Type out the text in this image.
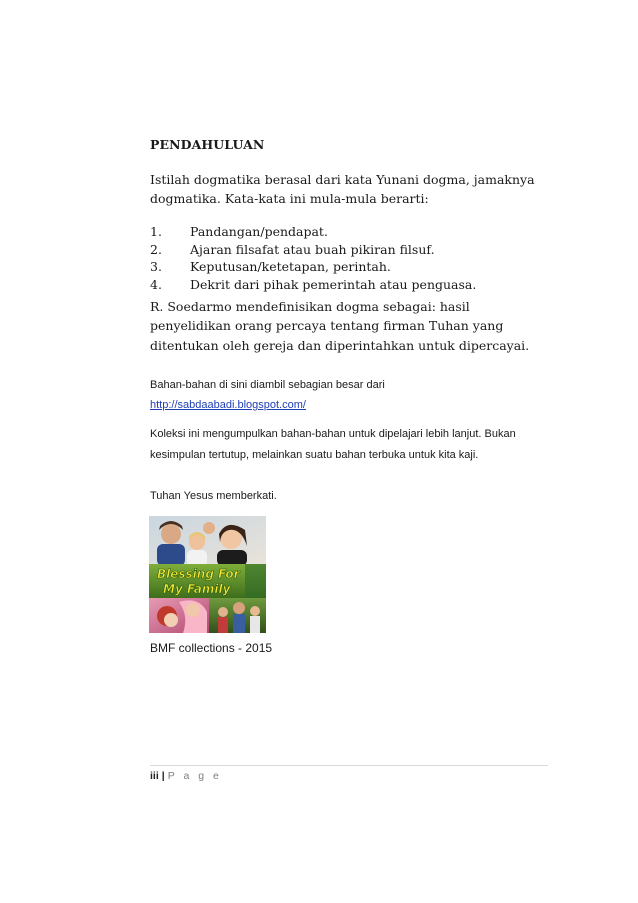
PENDAHULUAN

Istilah dogmatika berasal dari kata Yunani dogma, jamaknya dogmatika. Kata-kata ini mula-mula berarti:

1.	Pandangan/pendapat.
2.	Ajaran filsafat atau buah pikiran filsuf.
3.	Keputusan/ketetapan, perintah.
4.	Dekrit dari pihak pemerintah atau penguasa.

R. Soedarmo mendefinisikan dogma sebagai: hasil penyelidikan orang percaya tentang firman Tuhan yang ditentukan oleh gereja dan diperintahkan untuk dipercayai.

Bahan-bahan di sini diambil sebagian besar dari
http://sabdaabadi.blogspot.com/

Koleksi ini mengumpulkan bahan-bahan untuk dipelajari lebih lanjut. Bukan kesimpulan tertutup, melainkan suatu bahan terbuka untuk kita kaji.

Tuhan Yesus memberkati.
Blessing For
My Family
BMF collections - 2015
iii | P a g e
